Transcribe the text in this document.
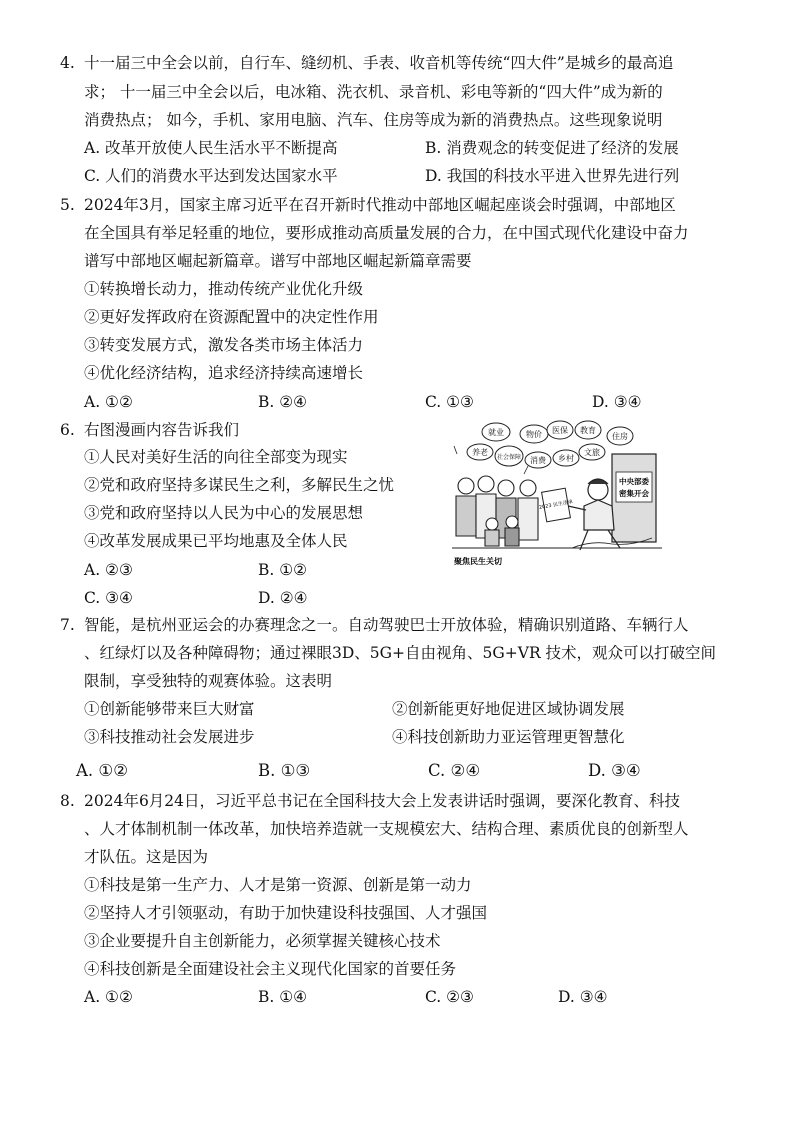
4. 十一届三中全会以前，自行车、缝纫机、手表、收音机等传统“四大件”是城乡的最高追
求； 十一届三中全会以后，电冰箱、洗衣机、录音机、彩电等新的“四大件”成为新的
消费热点； 如今，手机、家用电脑、汽车、住房等成为新的消费热点。这些现象说明
A. 改革开放使人民生活水平不断提高	B. 消费观念的转变促进了经济的发展
C. 人们的消费水平达到发达国家水平	D. 我国的科技水平进入世界先进行列
5. 2024年3月，国家主席习近平在召开新时代推动中部地区崛起座谈会时强调，中部地区
在全国具有举足轻重的地位，要形成推动高质量发展的合力，在中国式现代化建设中奋力
谱写中部地区崛起新篇章。谱写中部地区崛起新篇章需要
①转换增长动力，推动传统产业优化升级
②更好发挥政府在资源配置中的决定性作用
③转变发展方式，激发各类市场主体活力
④优化经济结构，追求经济持续高速增长
A. ①②	B. ②④	C. ①③	D. ③④
6. 右图漫画内容告诉我们
①人民对美好生活的向往全部变为现实
②党和政府坚持多谋民生之利，多解民生之忧
③党和政府坚持以人民为中心的发展思想
④改革发展成果已平均地惠及全体人民
A. ②③	B. ①②
C. ③④	D. ②④
就业	物价 医保 教育
住房
养老
社会保障 消费 乡村
文旅
中央部委
密集开会
2023 民生清单
聚焦民生关切
7. 智能，是杭州亚运会的办赛理念之一。自动驾驶巴士开放体验，精确识别道路、车辆行人
、红绿灯以及各种障碍物；通过裸眼3D、5G+自由视角、5G+VR 技术，观众可以打破空间
限制，享受独特的观赛体验。这表明
①创新能够带来巨大财富	②创新能更好地促进区域协调发展
③科技推动社会发展进步	④科技创新助力亚运管理更智慧化
A. ①②	B. ①③	C. ②④	D. ③④
8. 2024年6月24日，习近平总书记在全国科技大会上发表讲话时强调，要深化教育、科技
、人才体制机制一体改革，加快培养造就一支规模宏大、结构合理、素质优良的创新型人
才队伍。这是因为
①科技是第一生产力、人才是第一资源、创新是第一动力
②坚持人才引领驱动，有助于加快建设科技强国、人才强国
③企业要提升自主创新能力，必须掌握关键核心技术
④科技创新是全面建设社会主义现代化国家的首要任务
A. ①②	B. ①④	C. ②③	D. ③④
